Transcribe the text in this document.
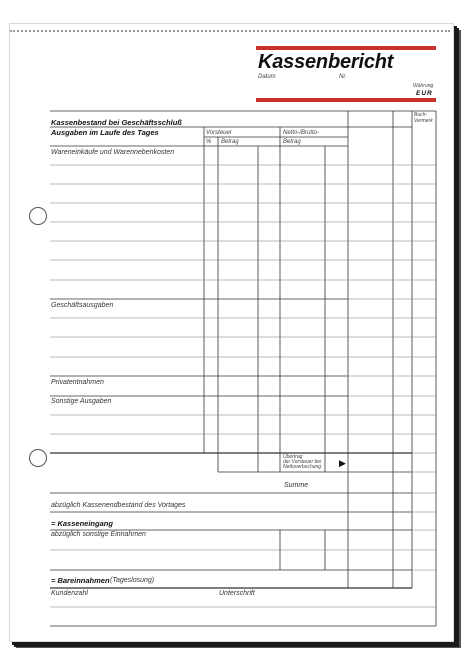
Kassenbericht
Datum	Nr.
Währung
EUR
Buch-
Vermerk
Kassenbestand bei Geschäftsschluß
Ausgaben im Laufe des Tages
Wareneinkäufe und Warennebenkosten
Geschäftsausgaben
Privatentnahmen
Sonstige Ausgaben
Vorsteuer
% Betrag
Netto-/Brutto-
Betrag
Übertrag
der Vorsteuer bei
Nettoverbuchung ▶
Summe
abzüglich Kassenendbestand des Vortages
= Kasseneingang
abzüglich sonstige Einnahmen
= Bareinnahmen (Tageslosung)
Kundenzahl	Unterschrift
